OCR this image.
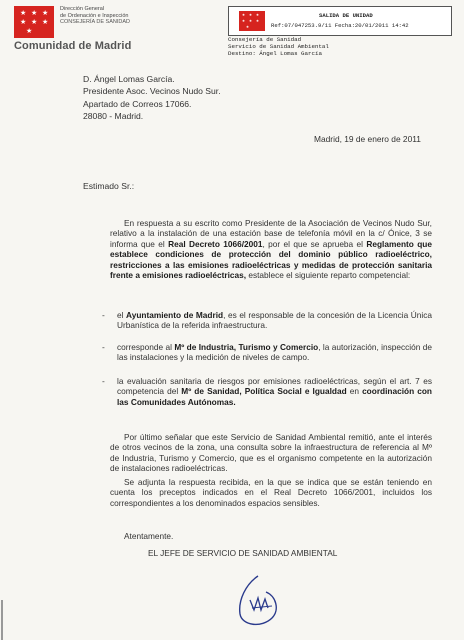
★ ★ ★
★ ★ ★
★
Dirección General
de Ordenación e Inspección
CONSEJERÍA DE SANIDAD
Comunidad de Madrid
★ ★ ★
★ ★ ★
★
SALIDA DE UNIDAD
Ref:07/047253.9/11 Fecha:20/01/2011 14:42
Consejería de Sanidad
Servicio de Sanidad Ambiental
Destino: Ángel Lomas García
D. Ángel Lomas García.
Presidente Asoc. Vecinos Nudo Sur.
Apartado de Correos 17066.
28080 - Madrid.
Madrid, 19 de enero de 2011
Estimado Sr.:
En respuesta a su escrito como Presidente de la Asociación de Vecinos Nudo Sur, relativo a la instalación de una estación base de telefonía móvil en la c/ Ónice, 3 se informa que el Real Decreto 1066/2001, por el que se aprueba el Reglamento que establece condiciones de protección del dominio público radioeléctrico, restricciones a las emisiones radioeléctricas y medidas de protección sanitaria frente a emisiones radioeléctricas, establece el siguiente reparto competencial:
- el Ayuntamiento de Madrid, es el responsable de la concesión de la Licencia Única Urbanística de la referida infraestructura.
- corresponde al Mº de Industria, Turismo y Comercio, la autorización, inspección de las instalaciones y la medición de niveles de campo.
- la evaluación sanitaria de riesgos por emisiones radioeléctricas, según el art. 7 es competencia del Mº de Sanidad, Política Social e Igualdad en coordinación con las Comunidades Autónomas.
Por último señalar que este Servicio de Sanidad Ambiental remitió, ante el interés de otros vecinos de la zona, una consulta sobre la infraestructura de referencia al Mº de Industria, Turismo y Comercio, que es el organismo competente en la autorización de instalaciones radioeléctricas.
Se adjunta la respuesta recibida, en la que se indica que se están teniendo en cuenta los preceptos indicados en el Real Decreto 1066/2001, incluidos los correspondientes a los denominados espacios sensibles.
Atentamente.
EL JEFE DE SERVICIO DE SANIDAD AMBIENTAL
